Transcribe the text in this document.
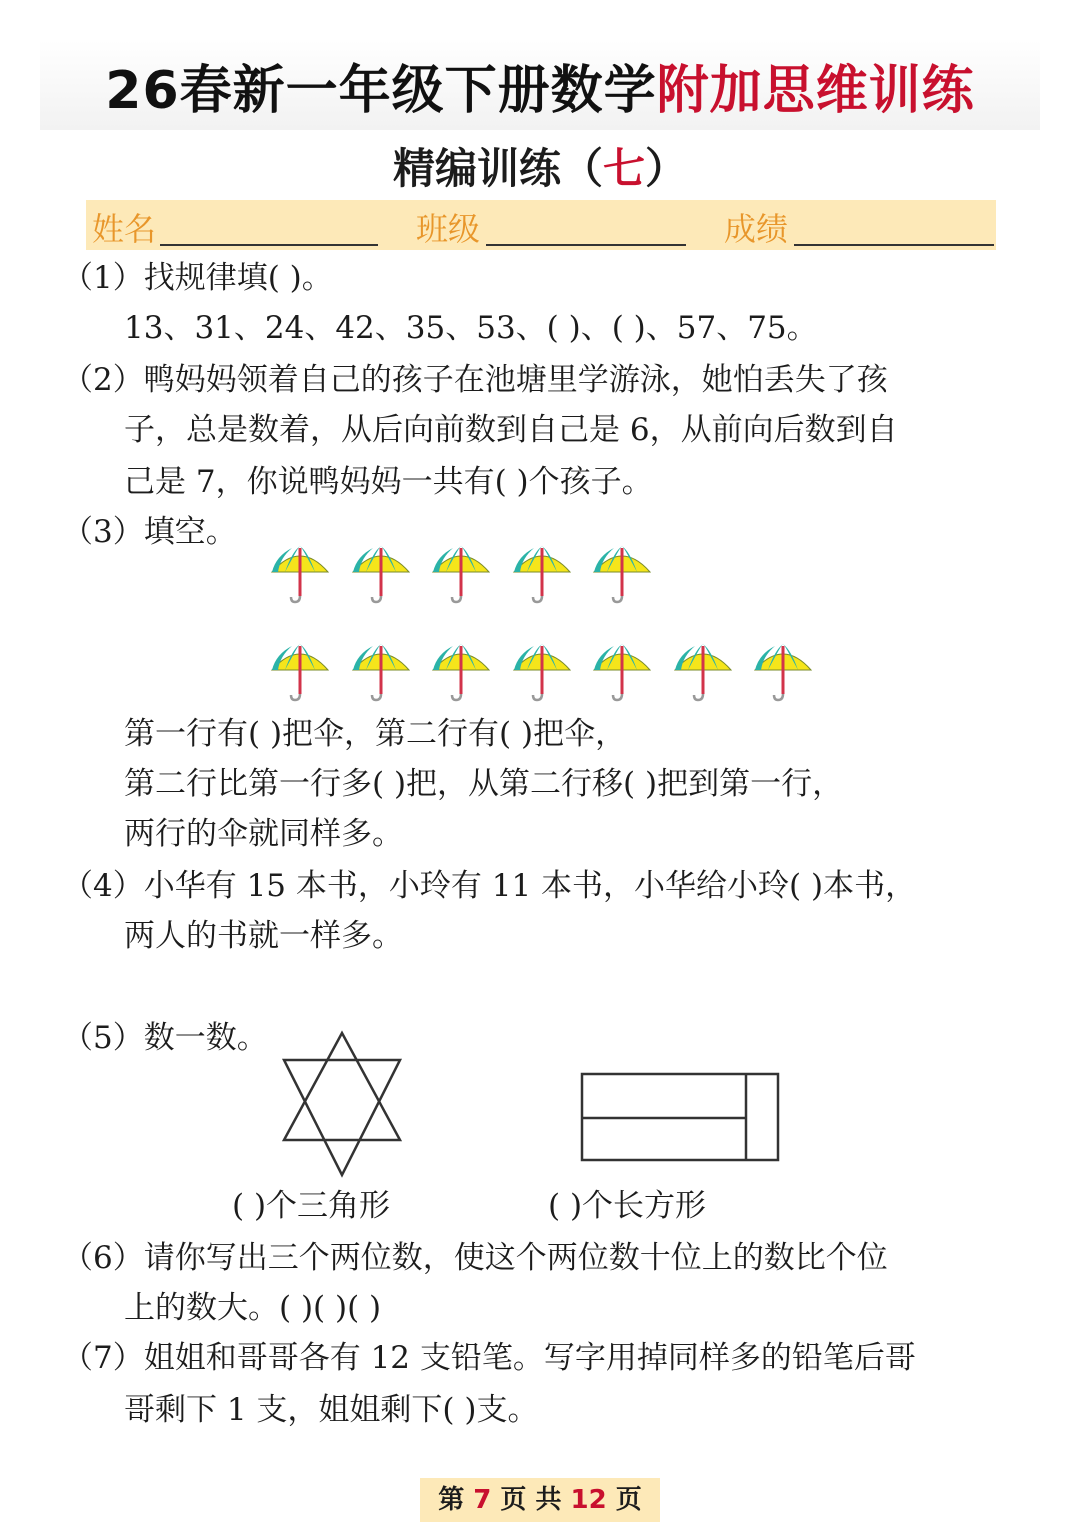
26春新一年级下册数学 附加思维训练
精编训练（七）
姓名	班级	成绩
（1）找规律填( )。
13、31、24、42、35、53、( )、( )、57、75。
（2）鸭妈妈领着自己的孩子在池塘里学游泳，她怕丢失了孩
子，总是数着，从后向前数到自己是 6，从前向后数到自
己是 7，你说鸭妈妈一共有( )个孩子。
（3）填空。
第一行有( )把伞，第二行有( )把伞，
第二行比第一行多( )把，从第二行移( )把到第一行，
两行的伞就同样多。
（4）小华有 15 本书，小玲有 11 本书，小华给小玲( )本书，
两人的书就一样多。
（5）数一数。
( )个三角形	( )个长方形
（6）请你写出三个两位数，使这个两位数十位上的数比个位
上的数大。( )( )( )
（7）姐姐和哥哥各有 12 支铅笔。写字用掉同样多的铅笔后哥
哥剩下 1 支，姐姐剩下( )支。
第 7 页 共 12 页
